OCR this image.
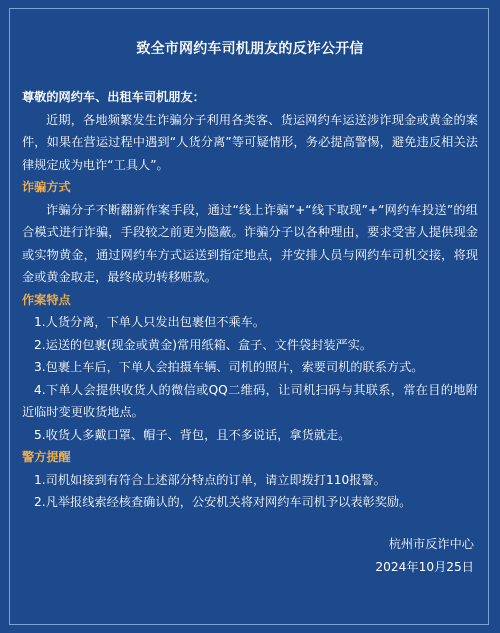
致全市网约车司机朋友的反诈公开信

尊敬的网约车、出租车司机朋友：

近期，各地频繁发生诈骗分子利用各类客、货运网约车运送涉诈现金或黄金的案件，如果在营运过程中遇到“人货分离”等可疑情形，务必提高警惕，避免违反相关法律规定成为电诈“工具人”。

诈骗方式

诈骗分子不断翻新作案手段，通过“线上诈骗”+“线下取现”+“网约车投送”的组合模式进行诈骗，手段较之前更为隐蔽。诈骗分子以各种理由，要求受害人提供现金或实物黄金，通过网约车方式运送到指定地点，并安排人员与网约车司机交接，将现金或黄金取走，最终成功转移赃款。

作案特点

1.人货分离，下单人只发出包裹但不乘车。

2.运送的包裹(现金或黄金)常用纸箱、盒子、文件袋封装严实。

3.包裹上车后，下单人会拍摄车辆、司机的照片，索要司机的联系方式。

4.下单人会提供收货人的微信或QQ二维码，让司机扫码与其联系，常在目的地附近临时变更收货地点。

5.收货人多戴口罩、帽子、背包，且不多说话，拿货就走。

警方提醒

1.司机如接到有符合上述部分特点的订单，请立即拨打110报警。

2.凡举报线索经核查确认的，公安机关将对网约车司机予以表彰奖励。

杭州市反诈中心
2024年10月25日
